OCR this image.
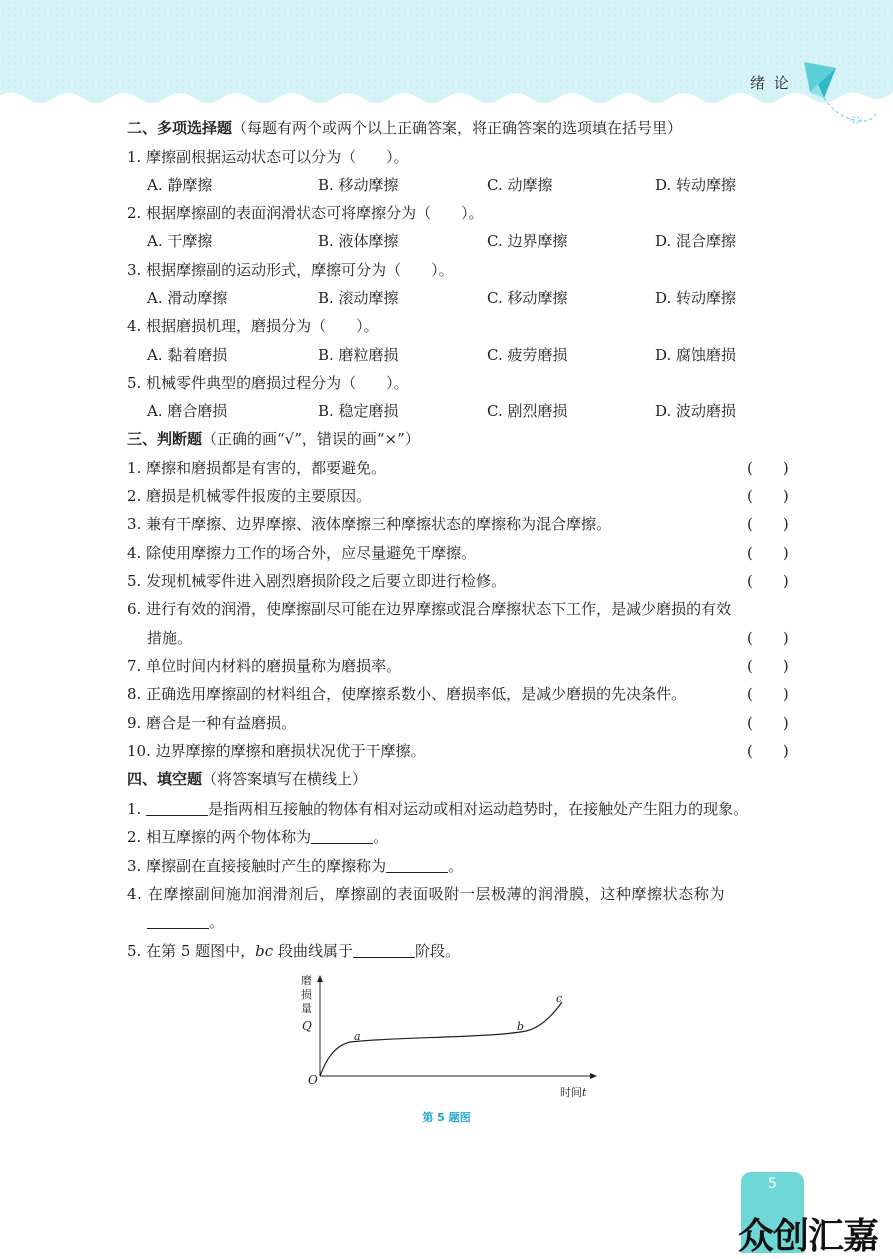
绪 论
二、多项选择题（每题有两个或两个以上正确答案，将正确答案的选项填在括号里）
1. 摩擦副根据运动状态可以分为（　　）。
A. 静摩擦	B. 移动摩擦	C. 动摩擦	D. 转动摩擦
2. 根据摩擦副的表面润滑状态可将摩擦分为（　　）。
A. 干摩擦	B. 液体摩擦	C. 边界摩擦	D. 混合摩擦
3. 根据摩擦副的运动形式，摩擦可分为（　　）。
A. 滑动摩擦	B. 滚动摩擦	C. 移动摩擦	D. 转动摩擦
4. 根据磨损机理，磨损分为（　　）。
A. 黏着磨损	B. 磨粒磨损	C. 疲劳磨损	D. 腐蚀磨损
5. 机械零件典型的磨损过程分为（　　）。
A. 磨合磨损	B. 稳定磨损	C. 剧烈磨损	D. 波动磨损
三、判断题（正确的画“√”，错误的画“×”）
1. 摩擦和磨损都是有害的，都要避免。	(　　)
2. 磨损是机械零件报废的主要原因。	(　　)
3. 兼有干摩擦、边界摩擦、液体摩擦三种摩擦状态的摩擦称为混合摩擦。	(　　)
4. 除使用摩擦力工作的场合外，应尽量避免干摩擦。	(　　)
5. 发现机械零件进入剧烈磨损阶段之后要立即进行检修。	(　　)
6. 进行有效的润滑，使摩擦副尽可能在边界摩擦或混合摩擦状态下工作，是减少磨损的有效
措施。	(　　)
7. 单位时间内材料的磨损量称为磨损率。	(　　)
8. 正确选用摩擦副的材料组合，使摩擦系数小、磨损率低，是减少磨损的先决条件。	(　　)
9. 磨合是一种有益磨损。	(　　)
10. 边界摩擦的摩擦和磨损状况优于干摩擦。	(　　)
四、填空题（将答案填写在横线上）
1.	是指两相互接触的物体有相对运动或相对运动趋势时，在接触处产生阻力的现象。
2. 相互摩擦的两个物体称为	。
3. 摩擦副在直接接触时产生的摩擦称为	。
4. 在摩擦副间施加润滑剂后，摩擦副的表面吸附一层极薄的润滑膜，这种摩擦状态称为
。
5. 在第 5 题图中，bc 段曲线属于	阶段。
磨
损
量
Q
O
a
b
c
时间t
第 5 题图
5
众创汇嘉
